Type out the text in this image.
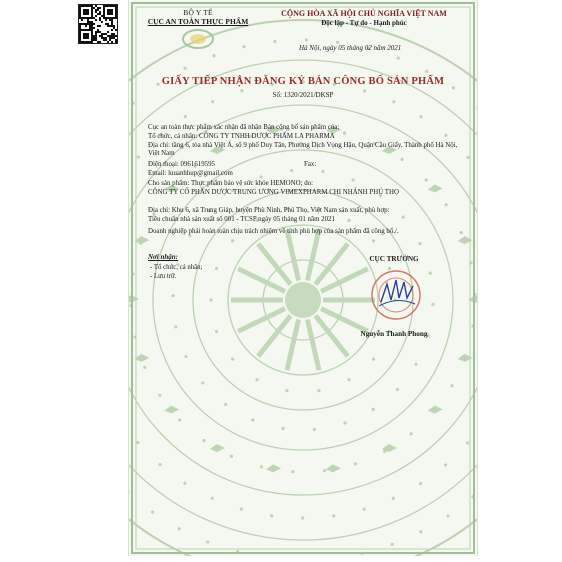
BỘ Y TẾ
CỤC AN TOÀN THỰC PHẨM
CỘNG HÒA XÃ HỘI CHỦ NGHĨA VIỆT NAM
Độc lập - Tự do - Hạnh phúc
Hà Nội, ngày 05 tháng 02 năm 2021
GIẤY TIẾP NHẬN ĐĂNG KÝ BẢN CÔNG BỐ SẢN PHẨM
Số: 1320/2021/DKSP
Cục an toàn thực phẩm xác nhận đã nhận Bản công bố sản phẩm của:
Tổ chức, cá nhân: CÔNG TY TNHH DƯỢC PHẨM LA PHARMA
Địa chỉ: tầng 6, tòa nhà Việt Á, số 9 phố Duy Tân, Phường Dịch Vọng Hậu, Quận Cầu Giấy, Thành phố Hà Nội, Việt Nam
Điện thoại: 0961619595	Fax:
Email: luuanhhup@gmail.com
Cho sản phẩm: Thực phẩm bảo vệ sức khỏe HEMONO; do:
CÔNG TY CỔ PHẦN DƯỢC TRUNG ƯƠNG VIMEXPHARM CHI NHÁNH PHÚ THỌ
Địa chỉ: Khu 6, xã Trung Giáp, huyện Phù Ninh, Phú Thọ, Việt Nam sản xuất, phù hợp:
Tiêu chuẩn nhà sản xuất số 001 - TCSP ngày 05 tháng 01 năm 2021
Doanh nghiệp phải hoàn toàn chịu trách nhiệm về tính phù hợp của sản phẩm đã công bố./.
Nơi nhận:
- Tổ chức, cá nhân;
- Lưu trữ.
CỤC TRƯỞNG
Nguyễn Thanh Phong
